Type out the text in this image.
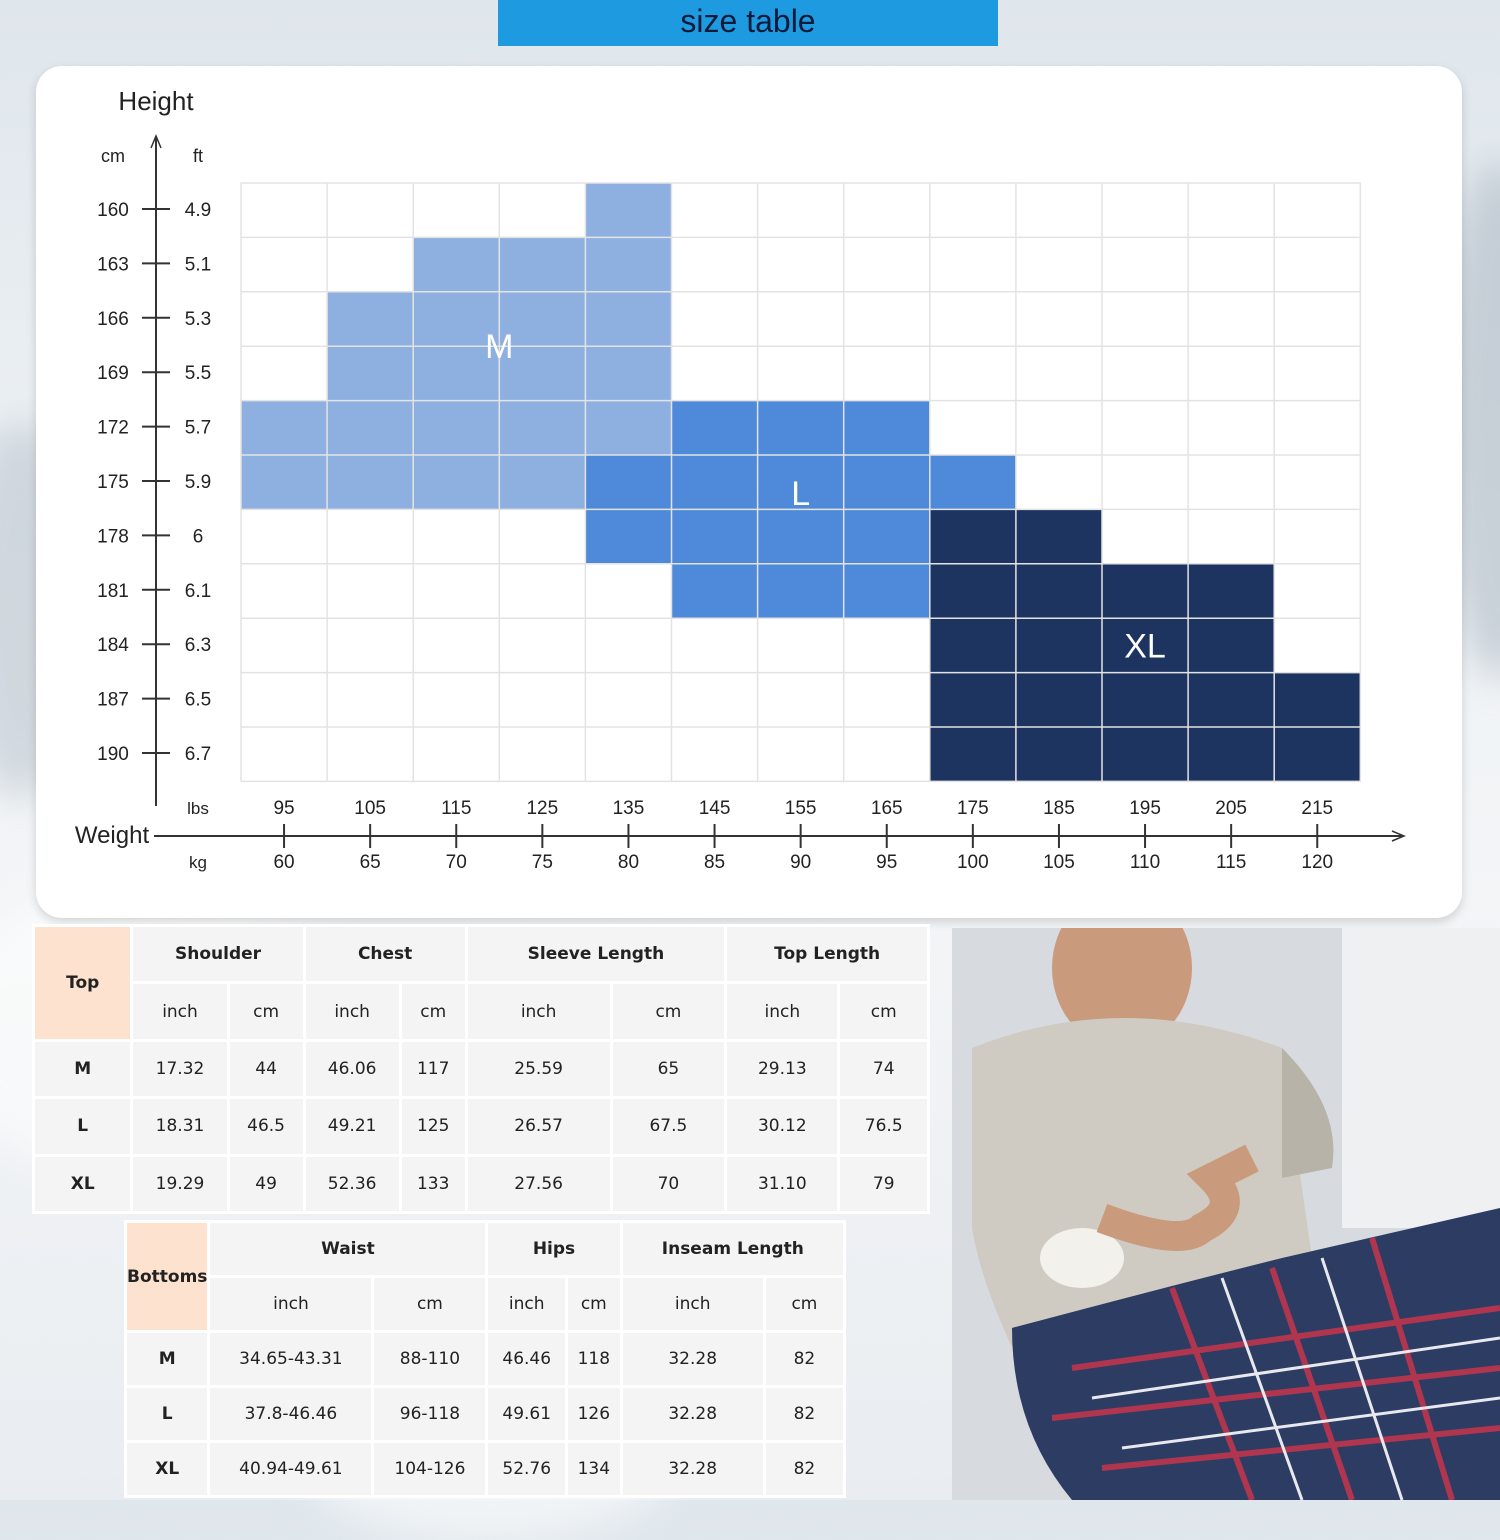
size table
M
L
XL
Height
cm	ft
160	4.9
163	5.1
166	5.3
169	5.5
172	5.7
175	5.9
178	6
181	6.1
184	6.3
187	6.5
190	6.7
Weight
lbs
kg
95
60
105
65
115
70
125
75
135
80
145
85
155
90
165
95
175
100
185
105
195
110
205
115
215
120
Top	Shoulder		Chest		Sleeve Length		Top Length	
	inch	cm	inch	cm	inch	cm	inch	cm
M	17.32	44	46.06	117	25.59	65	29.13	74
L	18.31	46.5	49.21	125	26.57	67.5	30.12	76.5
XL	19.29	49	52.36	133	27.56	70	31.10	79
Bottoms	Waist		Hips		Inseam Length	
	inch	cm	inch	cm	inch	cm
M	34.65-43.31	88-110	46.46	118	32.28	82
L	37.8-46.46	96-118	49.61	126	32.28	82
XL	40.94-49.61	104-126	52.76	134	32.28	82
